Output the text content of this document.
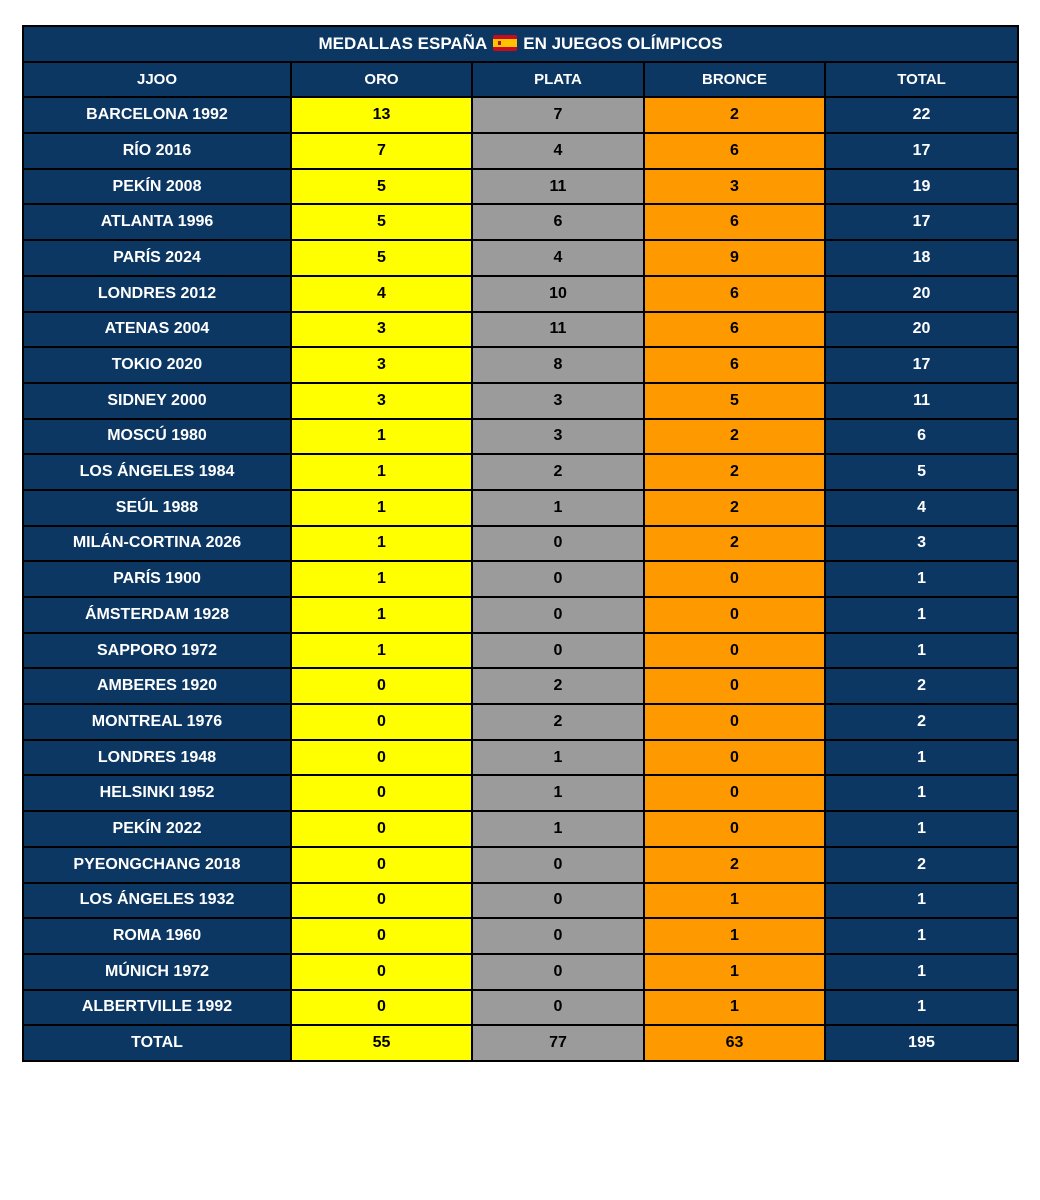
MEDALLAS ESPAÑA EN JUEGOS OLÍMPICOS				
JJOO	ORO	PLATA	BRONCE	TOTAL
BARCELONA 1992	13	7	2	22
RÍO 2016	7	4	6	17
PEKÍN 2008	5	11	3	19
ATLANTA 1996	5	6	6	17
PARÍS 2024	5	4	9	18
LONDRES 2012	4	10	6	20
ATENAS 2004	3	11	6	20
TOKIO 2020	3	8	6	17
SIDNEY 2000	3	3	5	11
MOSCÚ 1980	1	3	2	6
LOS ÁNGELES 1984	1	2	2	5
SEÚL 1988	1	1	2	4
MILÁN-CORTINA 2026	1	0	2	3
PARÍS 1900	1	0	0	1
ÁMSTERDAM 1928	1	0	0	1
SAPPORO 1972	1	0	0	1
AMBERES 1920	0	2	0	2
MONTREAL 1976	0	2	0	2
LONDRES 1948	0	1	0	1
HELSINKI 1952	0	1	0	1
PEKÍN 2022	0	1	0	1
PYEONGCHANG 2018	0	0	2	2
LOS ÁNGELES 1932	0	0	1	1
ROMA 1960	0	0	1	1
MÚNICH 1972	0	0	1	1
ALBERTVILLE 1992	0	0	1	1
TOTAL	55	77	63	195
